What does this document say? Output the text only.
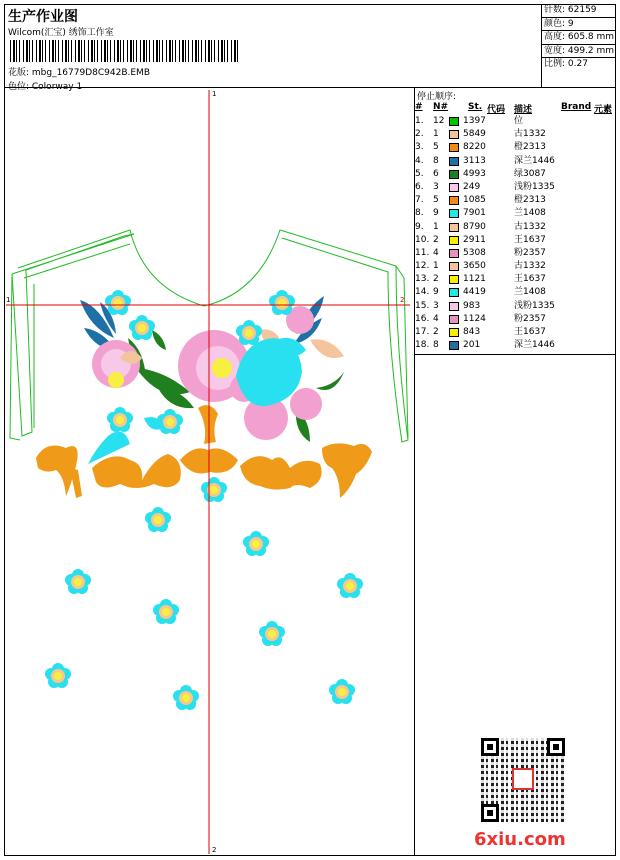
生产作业图
Wilcom(汇宝) 绣饰工作室
花版: mbg_16779D8C942B.EMB
色位: Colorway 1
针数: 62159
颜色: 9
高度: 605.8 mm
宽度: 499.2 mm
比例: 0.27
1
1	2
2
停止顺序:
# N# St. 代码 描述	Brand 元素
1. 12 1397	位
2. 1	5849	古1332
3. 5	8220	橙2313
4. 8	3113	深兰1446
5. 6	4993	绿3087
6. 3	249	浅粉1335
7. 5	1085	橙2313
8. 9	7901	兰1408
9. 1	8790	古1332
10. 2	2911	王1637
11. 4	5308	粉2357
12. 1	3650	古1332
13. 2	1121	王1637
14. 9	4419	兰1408
15. 3	983	浅粉1335
16. 4	1124	粉2357
17. 2	843	王1637
18. 8	201	深兰1446
6xiu.com
